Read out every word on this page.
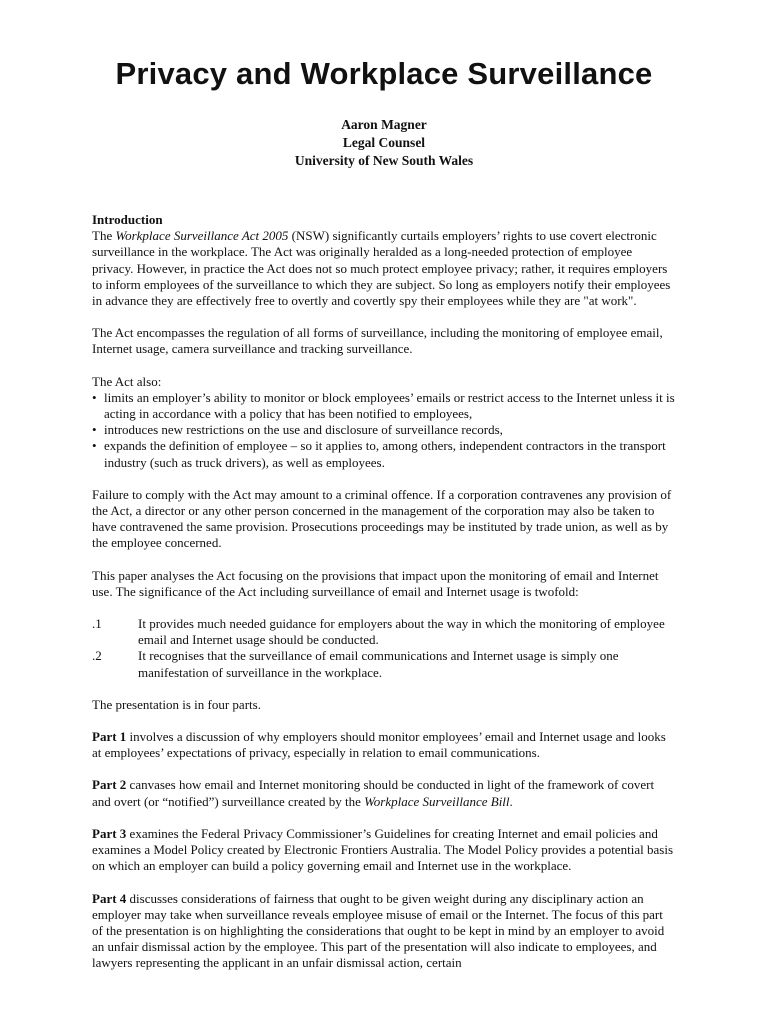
Privacy and Workplace Surveillance
Aaron Magner
Legal Counsel
University of New South Wales
Introduction

The Workplace Surveillance Act 2005 (NSW) significantly curtails employers’ rights to use covert electronic surveillance in the workplace. The Act was originally heralded as a long-needed protection of employee privacy. However, in practice the Act does not so much protect employee privacy; rather, it requires employers to inform employees of the surveillance to which they are subject. So long as employers notify their employees in advance they are effectively free to overtly and covertly spy their employees while they are "at work".

The Act encompasses the regulation of all forms of surveillance, including the monitoring of employee email, Internet usage, camera surveillance and tracking surveillance.

The Act also:
• limits an employer’s ability to monitor or block employees’ emails or restrict access to the Internet unless it is acting in accordance with a policy that has been notified to employees,
• introduces new restrictions on the use and disclosure of surveillance records,
• expands the definition of employee – so it applies to, among others, independent contractors in the transport industry (such as truck drivers), as well as employees.

Failure to comply with the Act may amount to a criminal offence. If a corporation contravenes any provision of the Act, a director or any other person concerned in the management of the corporation may also be taken to have contravened the same provision. Prosecutions proceedings may be instituted by trade union, as well as by the employee concerned.

This paper analyses the Act focusing on the provisions that impact upon the monitoring of email and Internet use. The significance of the Act including surveillance of email and Internet usage is twofold:

.1	It provides much needed guidance for employers about the way in which the monitoring of employee email and Internet usage should be conducted.
.2	It recognises that the surveillance of email communications and Internet usage is simply one manifestation of surveillance in the workplace.

The presentation is in four parts.

Part 1 involves a discussion of why employers should monitor employees’ email and Internet usage and looks at employees’ expectations of privacy, especially in relation to email communications.

Part 2 canvases how email and Internet monitoring should be conducted in light of the framework of covert and overt (or “notified”) surveillance created by the Workplace Surveillance Bill.

Part 3 examines the Federal Privacy Commissioner’s Guidelines for creating Internet and email policies and examines a Model Policy created by Electronic Frontiers Australia. The Model Policy provides a potential basis on which an employer can build a policy governing email and Internet use in the workplace.

Part 4 discusses considerations of fairness that ought to be given weight during any disciplinary action an employer may take when surveillance reveals employee misuse of email or the Internet. The focus of this part of the presentation is on highlighting the considerations that ought to be kept in mind by an employer to avoid an unfair dismissal action by the employee. This part of the presentation will also indicate to employees, and lawyers representing the applicant in an unfair dismissal action, certain
